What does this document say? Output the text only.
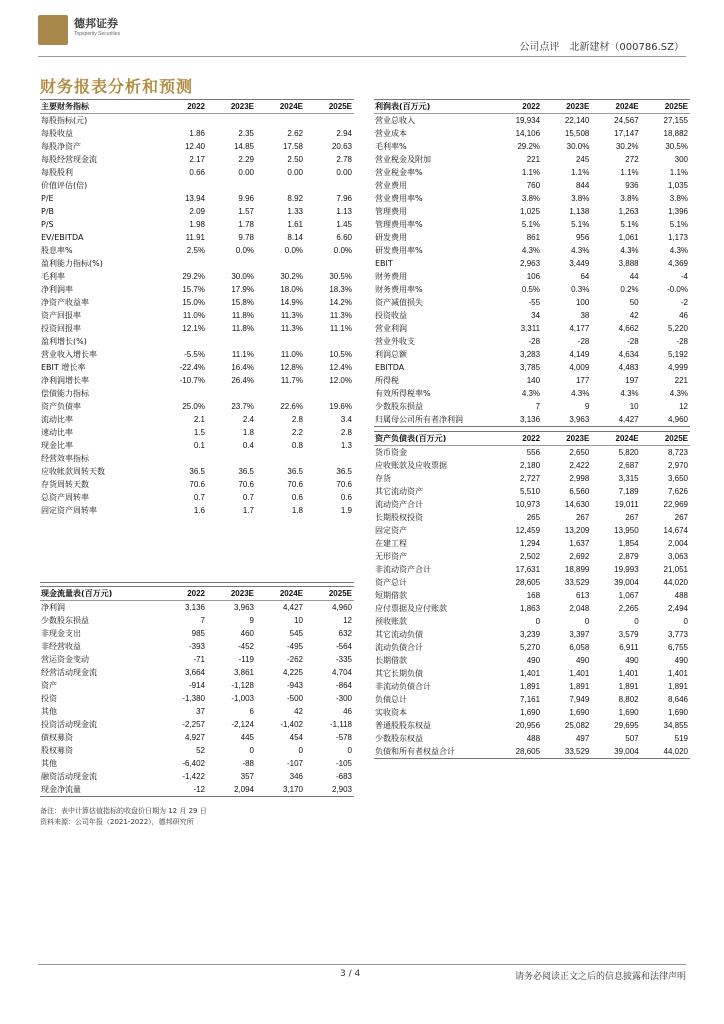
德邦证券
Topsperity Securities
公司点评　北新建材（000786.SZ）
财务报表分析和预测
主要财务指标	2022	2023E	2024E	2025E
每股指标(元)				
每股收益	1.86	2.35	2.62	2.94
每股净资产	12.40	14.85	17.58	20.63
每股经营现金流	2.17	2.29	2.50	2.78
每股股利	0.66	0.00	0.00	0.00
价值评估(倍)				
P/E	13.94	9.96	8.92	7.96
P/B	2.09	1.57	1.33	1.13
P/S	1.98	1.78	1.61	1.45
EV/EBITDA	11.91	9.78	8.14	6.60
股息率%	2.5%	0.0%	0.0%	0.0%
盈利能力指标(%)				
毛利率	29.2%	30.0%	30.2%	30.5%
净利润率	15.7%	17.9%	18.0%	18.3%
净资产收益率	15.0%	15.8%	14.9%	14.2%
资产回报率	11.0%	11.8%	11.3%	11.3%
投资回报率	12.1%	11.8%	11.3%	11.1%
盈利增长(%)				
营业收入增长率	-5.5%	11.1%	11.0%	10.5%
EBIT 增长率	-22.4%	16.4%	12.8%	12.4%
净利润增长率	-10.7%	26.4%	11.7%	12.0%
偿债能力指标				
资产负债率	25.0%	23.7%	22.6%	19.6%
流动比率	2.1	2.4	2.8	3.4
速动比率	1.5	1.8	2.2	2.8
现金比率	0.1	0.4	0.8	1.3
经营效率指标				
应收帐款周转天数	36.5	36.5	36.5	36.5
存货周转天数	70.6	70.6	70.6	70.6
总资产周转率	0.7	0.7	0.6	0.6
固定资产周转率	1.6	1.7	1.8	1.9

现金流量表(百万元)	2022	2023E	2024E	2025E
净利润	3,136	3,963	4,427	4,960
少数股东损益	7	9	10	12
非现金支出	985	460	545	632
非经营收益	-393	-452	-495	-564
营运资金变动	-71	-119	-262	-335
经营活动现金流	3,664	3,861	4,225	4,704
资产	-914	-1,128	-943	-864
投资	-1,380	-1,003	-500	-300
其他	37	6	42	46
投资活动现金流	-2,257	-2,124	-1,402	-1,118
债权募资	4,927	445	454	-578
股权募资	52	0	0	0
其他	-6,402	-88	-107	-105
融资活动现金流	-1,422	357	346	-683
现金净流量	-12	2,094	3,170	2,903
利润表(百万元)	2022	2023E	2024E	2025E
营业总收入	19,934	22,140	24,567	27,155
营业成本	14,106	15,508	17,147	18,882
毛利率%	29.2%	30.0%	30.2%	30.5%
营业税金及附加	221	245	272	300
营业税金率%	1.1%	1.1%	1.1%	1.1%
营业费用	760	844	936	1,035
营业费用率%	3.8%	3.8%	3.8%	3.8%
管理费用	1,025	1,138	1,263	1,396
管理费用率%	5.1%	5.1%	5.1%	5.1%
研发费用	861	956	1,061	1,173
研发费用率%	4.3%	4.3%	4.3%	4.3%
EBIT	2,963	3,449	3,888	4,369
财务费用	106	64	44	-4
财务费用率%	0.5%	0.3%	0.2%	-0.0%
资产减值损失	-55	100	50	-2
投资收益	34	38	42	46
营业利润	3,311	4,177	4,662	5,220
营业外收支	-28	-28	-28	-28
利润总额	3,283	4,149	4,634	5,192
EBITDA	3,785	4,009	4,483	4,999
所得税	140	177	197	221
有效所得税率%	4.3%	4.3%	4.3%	4.3%
少数股东损益	7	9	10	12
归属母公司所有者净利润	3,136	3,963	4,427	4,960
资产负债表(百万元)	2022	2023E	2024E	2025E
货币资金	556	2,650	5,820	8,723
应收账款及应收票据	2,180	2,422	2,687	2,970
存货	2,727	2,998	3,315	3,650
其它流动资产	5,510	6,560	7,189	7,626
流动资产合计	10,973	14,630	19,011	22,969
长期股权投资	265	267	267	267
固定资产	12,459	13,209	13,950	14,674
在建工程	1,294	1,637	1,854	2,004
无形资产	2,502	2,692	2,879	3,063
非流动资产合计	17,631	18,899	19,993	21,051
资产总计	28,605	33,529	39,004	44,020
短期借款	168	613	1,067	488
应付票据及应付账款	1,863	2,048	2,265	2,494
预收账款	0	0	0	0
其它流动负债	3,239	3,397	3,579	3,773
流动负债合计	5,270	6,058	6,911	6,755
长期借款	490	490	490	490
其它长期负债	1,401	1,401	1,401	1,401
非流动负债合计	1,891	1,891	1,891	1,891
负债总计	7,161	7,949	8,802	8,646
实收资本	1,690	1,690	1,690	1,690
普通股股东权益	20,956	25,082	29,695	34,855
少数股东权益	488	497	507	519
负债和所有者权益合计	28,605	33,529	39,004	44,020
备注：表中计算估值指标的收盘价日期为 12 月 29 日
资料来源：公司年报（2021-2022），德邦研究所
3 / 4	请务必阅读正文之后的信息披露和法律声明
